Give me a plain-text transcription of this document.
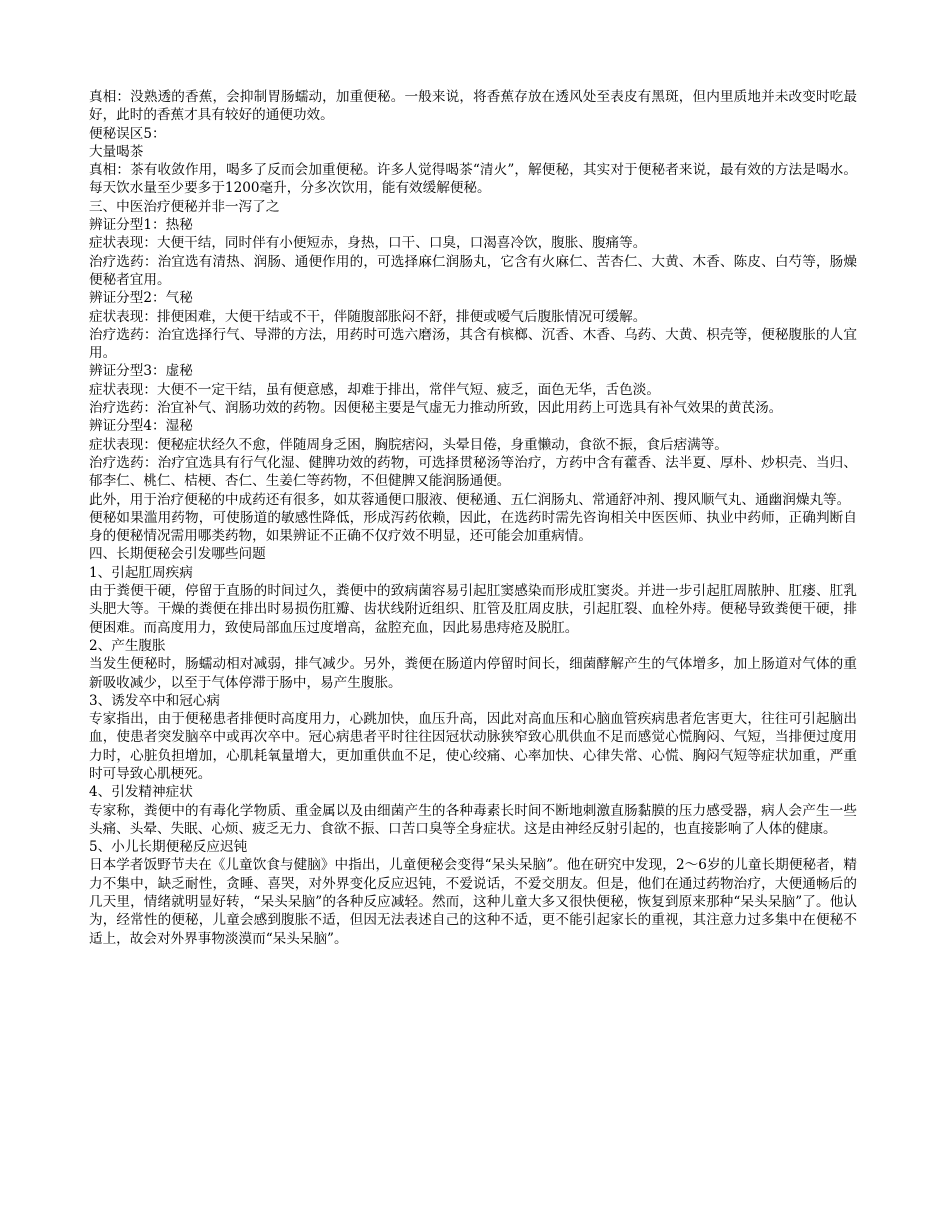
真相：没熟透的香蕉，会抑制胃肠蠕动，加重便秘。一般来说，将香蕉存放在透风处至表皮有黑斑，但内里质地并未改变时吃最好，此时的香蕉才具有较好的通便功效。

便秘误区5：

大量喝茶

真相：茶有收敛作用，喝多了反而会加重便秘。许多人觉得喝茶“清火”，解便秘，其实对于便秘者来说，最有效的方法是喝水。每天饮水量至少要多于1200毫升，分多次饮用，能有效缓解便秘。

三、中医治疗便秘并非一泻了之

辨证分型1：热秘

症状表现：大便干结，同时伴有小便短赤，身热，口干、口臭，口渴喜冷饮，腹胀、腹痛等。

治疗选药：治宜选有清热、润肠、通便作用的，可选择麻仁润肠丸，它含有火麻仁、苦杏仁、大黄、木香、陈皮、白芍等，肠燥便秘者宜用。

辨证分型2：气秘

症状表现：排便困难，大便干结或不干，伴随腹部胀闷不舒，排便或嗳气后腹胀情况可缓解。

治疗选药：治宜选择行气、导滞的方法，用药时可选六磨汤，其含有槟榔、沉香、木香、乌药、大黄、枳壳等，便秘腹胀的人宜用。

辨证分型3：虚秘

症状表现：大便不一定干结，虽有便意感，却难于排出，常伴气短、疲乏，面色无华，舌色淡。

治疗选药：治宜补气、润肠功效的药物。因便秘主要是气虚无力推动所致，因此用药上可选具有补气效果的黄芪汤。

辨证分型4：湿秘

症状表现：便秘症状经久不愈，伴随周身乏困，胸脘痞闷，头晕目倦，身重懒动，食欲不振，食后痞满等。

治疗选药：治疗宜选具有行气化湿、健脾功效的药物，可选择贯秘汤等治疗，方药中含有藿香、法半夏、厚朴、炒枳壳、当归、郁李仁、桃仁、桔梗、杏仁、生姜仁等药物，不但健脾又能润肠通便。

此外，用于治疗便秘的中成药还有很多，如苁蓉通便口服液、便秘通、五仁润肠丸、常通舒冲剂、搜风顺气丸、通幽润燥丸等。

便秘如果滥用药物，可使肠道的敏感性降低，形成泻药依赖，因此，在选药时需先咨询相关中医医师、执业中药师，正确判断自身的便秘情况需用哪类药物，如果辨证不正确不仅疗效不明显，还可能会加重病情。

四、长期便秘会引发哪些问题

1、引起肛周疾病

由于粪便干硬，停留于直肠的时间过久，粪便中的致病菌容易引起肛窦感染而形成肛窦炎。并进一步引起肛周脓肿、肛瘘、肛乳头肥大等。干燥的粪便在排出时易损伤肛瓣、齿状线附近组织、肛管及肛周皮肤，引起肛裂、血栓外痔。便秘导致粪便干硬，排便困难。而高度用力，致使局部血压过度增高，盆腔充血，因此易患痔疮及脱肛。

2、产生腹胀

当发生便秘时，肠蠕动相对减弱，排气减少。另外，粪便在肠道内停留时间长，细菌酵解产生的气体增多，加上肠道对气体的重新吸收减少，以至于气体停滞于肠中，易产生腹胀。

3、诱发卒中和冠心病

专家指出，由于便秘患者排便时高度用力，心跳加快，血压升高，因此对高血压和心脑血管疾病患者危害更大，往往可引起脑出血，使患者突发脑卒中或再次卒中。冠心病患者平时往往因冠状动脉狭窄致心肌供血不足而感觉心慌胸闷、气短，当排便过度用力时，心脏负担增加，心肌耗氧量增大，更加重供血不足，使心绞痛、心率加快、心律失常、心慌、胸闷气短等症状加重，严重时可导致心肌梗死。

4、引发精神症状

专家称，粪便中的有毒化学物质、重金属以及由细菌产生的各种毒素长时间不断地刺激直肠黏膜的压力感受器，病人会产生一些头痛、头晕、失眠、心烦、疲乏无力、食欲不振、口苦口臭等全身症状。这是由神经反射引起的，也直接影响了人体的健康。

5、小儿长期便秘反应迟钝

日本学者饭野节夫在《儿童饮食与健脑》中指出，儿童便秘会变得“呆头呆脑”。他在研究中发现，2～6岁的儿童长期便秘者，精力不集中，缺乏耐性，贪睡、喜哭，对外界变化反应迟钝，不爱说话，不爱交朋友。但是，他们在通过药物治疗，大便通畅后的几天里，情绪就明显好转，“呆头呆脑”的各种反应减轻。然而，这种儿童大多又很快便秘，恢复到原来那种“呆头呆脑”了。他认为，经常性的便秘，儿童会感到腹胀不适，但因无法表述自己的这种不适，更不能引起家长的重视，其注意力过多集中在便秘不适上，故会对外界事物淡漠而“呆头呆脑”。
